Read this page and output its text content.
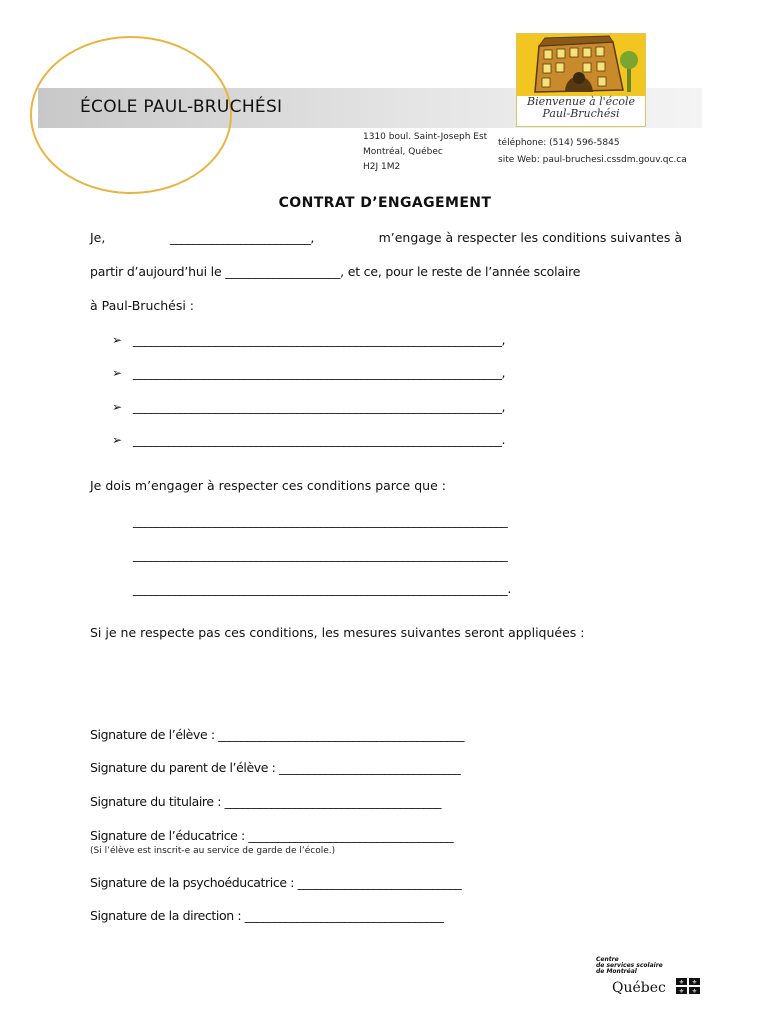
ÉCOLE PAUL-BRUCHÉSI	Bienvenue à l'école
Paul-Bruchési
1310 boul. Saint-Joseph Est
Montréal, Québec
H2J 1M2
téléphone: (514) 596-5845
site Web: paul-bruchesi.cssdm.gouv.qc.ca
CONTRAT D’ENGAGEMENT
Je,	________________________,	m’engage à respecter les conditions suivantes à
partir d’aujourd’hui le ___________________, et ce, pour le reste de l’année scolaire
à Paul-Bruchési :
➢ _______________________________________________________________,
➢ _______________________________________________________________,
➢ _______________________________________________________________,
➢ _______________________________________________________________.
Je dois m’engager à respecter ces conditions parce que :
________________________________________________________________
________________________________________________________________
________________________________________________________________.
Si je ne respecte pas ces conditions, les mesures suivantes seront appliquées :
Signature de l’élève : __________________________________________
Signature du parent de l’élève : _______________________________
Signature du titulaire : _____________________________________
Signature de l’éducatrice : ___________________________________
(Si l’élève est inscrit-e au service de garde de l’école.)
Signature de la psychoéducatrice : ____________________________
Signature de la direction : __________________________________
Centre
de services scolaire
de Montréal
Québec ⚜ ⚜
⚜ ⚜
